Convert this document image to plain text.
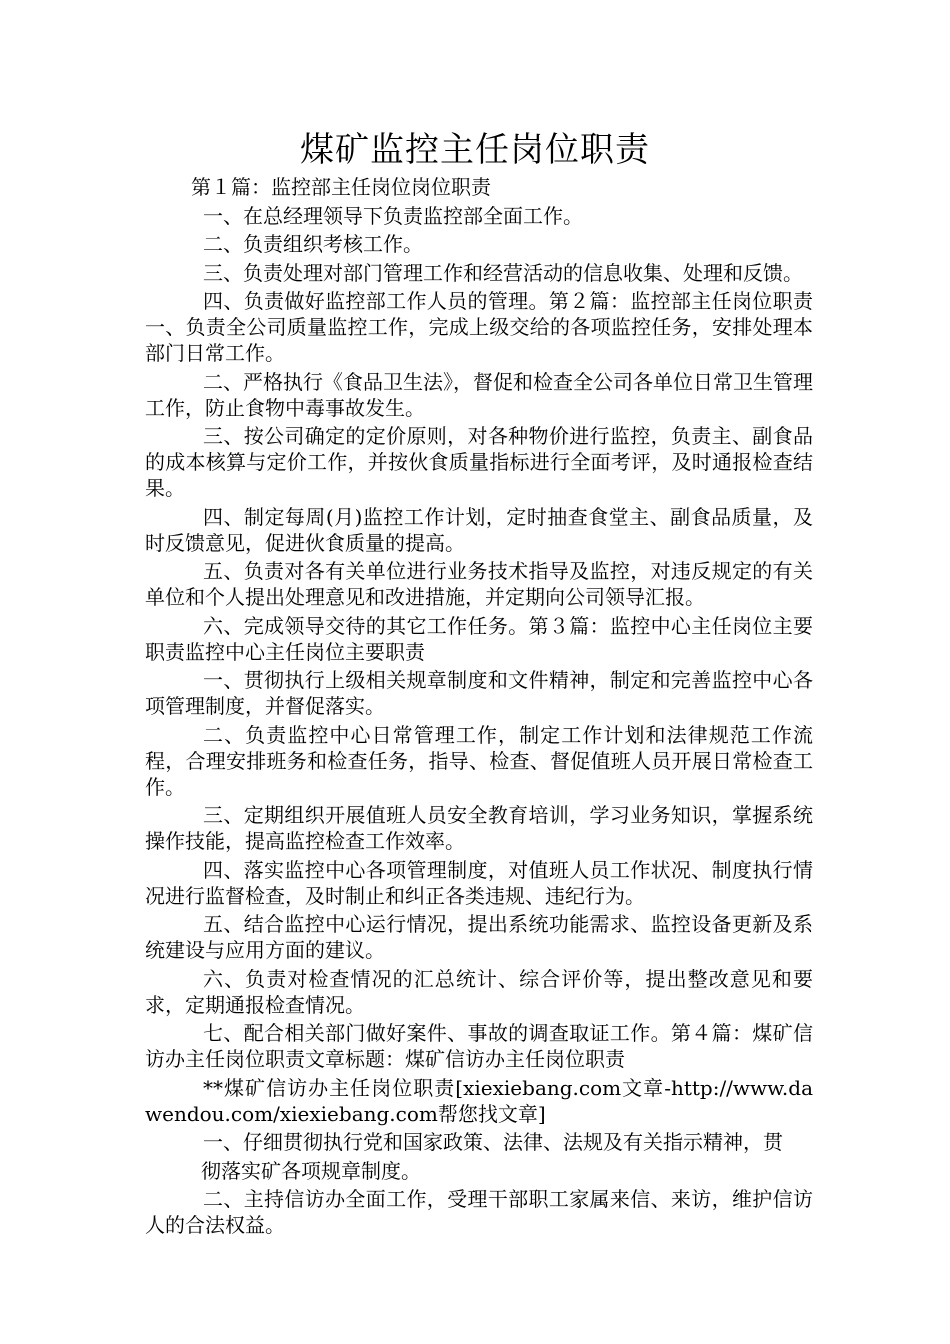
煤矿监控主任岗位职责

第１篇：监控部主任岗位岗位职责

一、在总经理领导下负责监控部全面工作。

二、负责组织考核工作。

三、负责处理对部门管理工作和经营活动的信息收集、处理和反馈。

四、负责做好监控部工作人员的管理。第２篇：监控部主任岗位职责一、负责全公司质量监控工作，完成上级交给的各项监控任务，安排处理本部门日常工作。

二、严格执行《食品卫生法》，督促和检查全公司各单位日常卫生管理工作，防止食物中毒事故发生。

三、按公司确定的定价原则，对各种物价进行监控，负责主、副食品的成本核算与定价工作，并按伙食质量指标进行全面考评，及时通报检查结果。

四、制定每周(月)监控工作计划，定时抽查食堂主、副食品质量，及时反馈意见，促进伙食质量的提高。

五、负责对各有关单位进行业务技术指导及监控，对违反规定的有关单位和个人提出处理意见和改进措施，并定期向公司领导汇报。

六、完成领导交待的其它工作任务。第３篇：监控中心主任岗位主要职责监控中心主任岗位主要职责

一、贯彻执行上级相关规章制度和文件精神，制定和完善监控中心各项管理制度，并督促落实。

二、负责监控中心日常管理工作，制定工作计划和法律规范工作流程，合理安排班务和检查任务，指导、检查、督促值班人员开展日常检查工作。

三、定期组织开展值班人员安全教育培训，学习业务知识，掌握系统操作技能，提高监控检查工作效率。

四、落实监控中心各项管理制度，对值班人员工作状况、制度执行情况进行监督检查，及时制止和纠正各类违规、违纪行为。

五、结合监控中心运行情况，提出系统功能需求、监控设备更新及系统建设与应用方面的建议。

六、负责对检查情况的汇总统计、综合评价等，提出整改意见和要求，定期通报检查情况。

七、配合相关部门做好案件、事故的调查取证工作。第４篇：煤矿信访办主任岗位职责文章标题：煤矿信访办主任岗位职责

**煤矿信访办主任岗位职责[xiexiebang.com文章-http://www.dawendou.com/xiexiebang.com帮您找文章]

一、仔细贯彻执行党和国家政策、法律、法规及有关指示精神，贯

彻落实矿各项规章制度。

二、主持信访办全面工作，受理干部职工家属来信、来访，维护信访人的合法权益。
